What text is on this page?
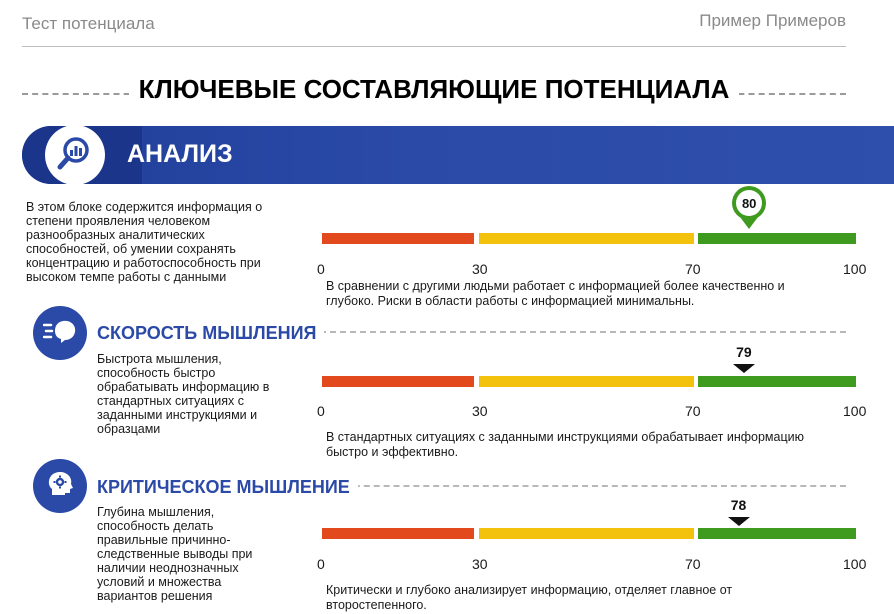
Тест потенциала	Пример Примеров
КЛЮЧЕВЫЕ СОСТАВЛЯЮЩИЕ ПОТЕНЦИАЛА
АНАЛИЗ
В этом блоке содержится информация о
степени проявления человеком
разнообразных аналитических
способностей, об умении сохранять
концентрацию и работоспособность при
высоком темпе работы с данными	0	30	70	100
80
В сравнении с другими людьми работает с информацией более качественно и
глубоко. Риски в области работы с информацией минимальны.
СКОРОСТЬ МЫШЛЕНИЯ
Быстрота мышления,
способность быстро
обрабатывать информацию в
стандартных ситуациях с
заданными инструкциями и
образцами
0	30	70	100
79
В стандартных ситуациях с заданными инструкциями обрабатывает информацию
быстро и эффективно.
КРИТИЧЕСКОЕ МЫШЛЕНИЕ
Глубина мышления,
способность делать
правильные причинно-
следственные выводы при
наличии неоднозначных
условий и множества
вариантов решения
0	30	70	100
78
Критически и глубоко анализирует информацию, отделяет главное от
второстепенного.
